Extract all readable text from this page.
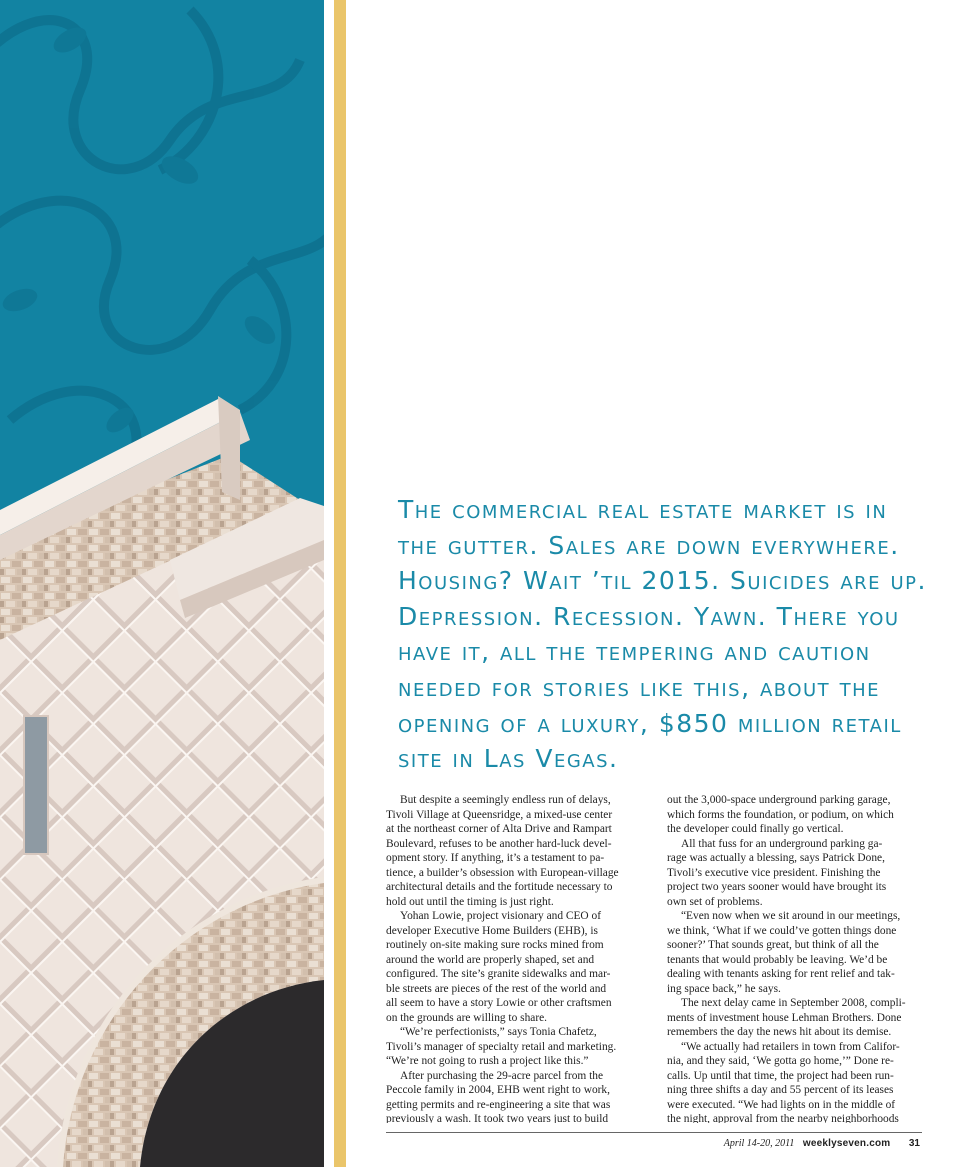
The commercial real estate market is in the gutter. Sales are down everywhere. Housing? Wait ’til 2015. Suicides are up. Depression. Recession. Yawn. There you have it, all the tempering and caution needed for stories like this, about the opening of a luxury, $850 million retail site in Las Vegas.

But despite a seemingly endless run of delays,
Tivoli Village at Queensridge, a mixed-use center
at the northeast corner of Alta Drive and Rampart
Boulevard, refuses to be another hard-luck devel-
opment story. If anything, it’s a testament to pa-
tience, a builder’s obsession with European-village
architectural details and the fortitude necessary to
hold out until the timing is just right.

Yohan Lowie, project visionary and CEO of
developer Executive Home Builders (EHB), is
routinely on-site making sure rocks mined from
around the world are properly shaped, set and
configured. The site’s granite sidewalks and mar-
ble streets are pieces of the rest of the world and
all seem to have a story Lowie or other craftsmen
on the grounds are willing to share.

“We’re perfectionists,” says Tonia Chafetz,
Tivoli’s manager of specialty retail and marketing.
“We’re not going to rush a project like this.”

After purchasing the 29-acre parcel from the
Peccole family in 2004, EHB went right to work,
getting permits and re-engineering a site that was
previously a wash. It took two years just to build

out the 3,000-space underground parking garage,
which forms the foundation, or podium, on which
the developer could finally go vertical.

All that fuss for an underground parking ga-
rage was actually a blessing, says Patrick Done,
Tivoli’s executive vice president. Finishing the
project two years sooner would have brought its
own set of problems.

“Even now when we sit around in our meetings,
we think, ‘What if we could’ve gotten things done
sooner?’ That sounds great, but think of all the
tenants that would probably be leaving. We’d be
dealing with tenants asking for rent relief and tak-
ing space back,” he says.

The next delay came in September 2008, compli-
ments of investment house Lehman Brothers. Done
remembers the day the news hit about its demise.

“We actually had retailers in town from Califor-
nia, and they said, ‘We gotta go home,’” Done re-
calls. Up until that time, the project had been run-
ning three shifts a day and 55 percent of its leases
were executed. “We had lights on in the middle of
the night, approval from the nearby neighborhoods

April 14-20, 2011 weeklyseven.com 31
